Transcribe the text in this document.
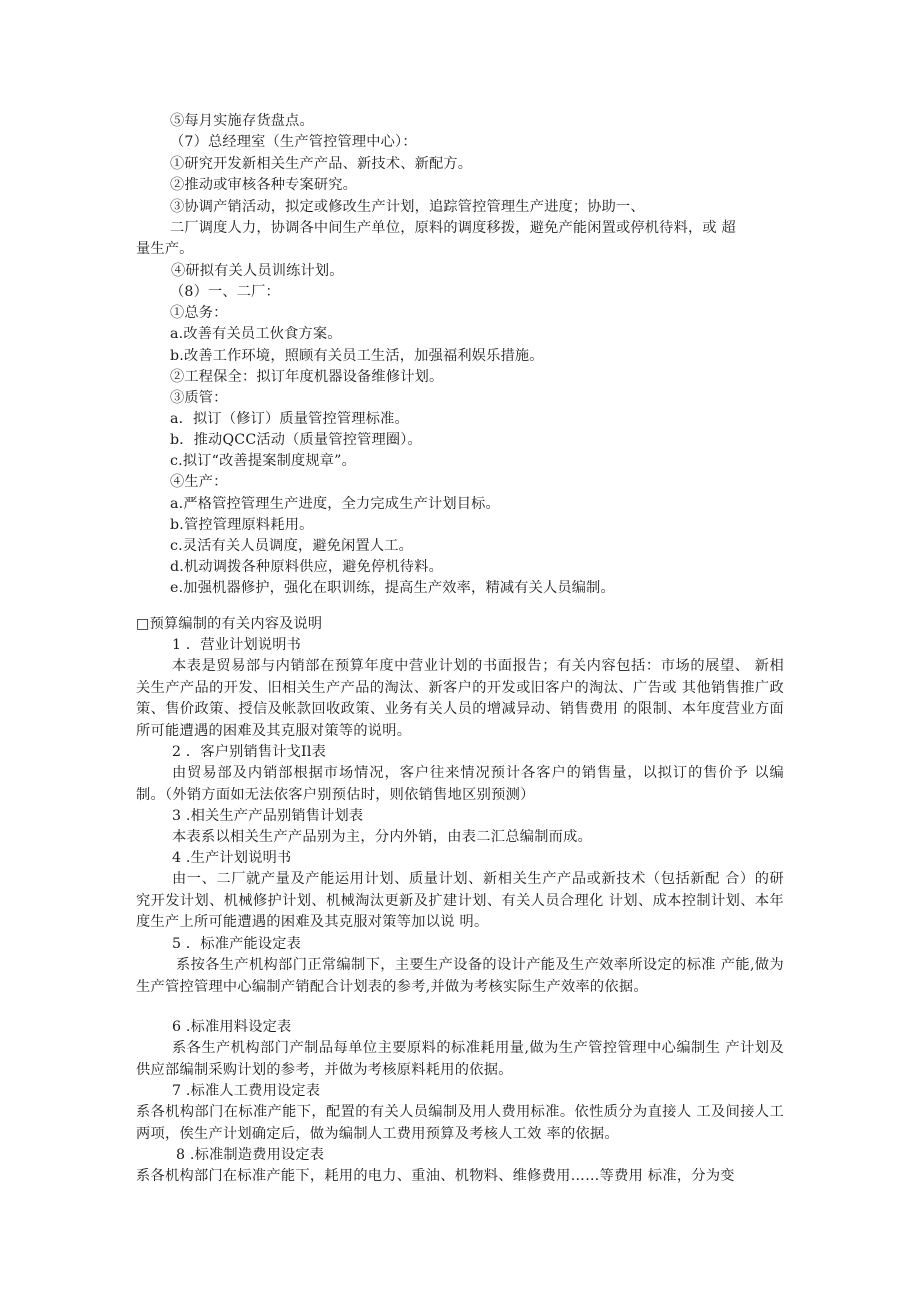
⑤每月实施存货盘点。
（7）总经理室（生产管控管理中心）：
①研究开发新相关生产产品、新技术、新配方。
②推动或审核各种专案研究。
③协调产销活动，拟定或修改生产计划，追踪管控管理生产进度；协助一、
二厂调度人力，协调各中间生产单位，原料的调度移拨，避免产能闲置或停机待料，或 超
量生产。
④研拟有关人员训练计划。
（8）一、二厂：
①总务：
a.改善有关员工伙食方案。
b.改善工作环境，照顾有关员工生活，加强福利娱乐措施。
②工程保全：拟订年度机器设备维修计划。
③质管：
a．拟订（修订）质量管控管理标准。
b．推动QCC活动（质量管控管理圈）。
c.拟订“改善提案制度规章”。
④生产：
a.严格管控管理生产进度，全力完成生产计划目标。
b.管控管理原料耗用。
c.灵活有关人员调度，避免闲置人工。
d.机动调拨各种原料供应，避免停机待料。
e.加强机器修护，强化在职训练，提高生产效率，精减有关人员编制。
□预算编制的有关内容及说明
1 ．营业计划说明书
本表是贸易部与内销部在预算年度中营业计划的书面报告；有关内容包括：市场的展望、 新相关生产产品的开发、旧相关生产产品的淘汰、新客户的开发或旧客户的淘汰、广告或 其他销售推广政策、售价政策、授信及帐款回收政策、业务有关人员的增减异动、销售费用 的限制、本年度营业方面所可能遭遇的困难及其克服对策等的说明。
2 ．客户别销售计戈Il表
由贸易部及内销部根据市场情况，客户往来情况预计各客户的销售量，以拟订的售价予 以编制。（外销方面如无法依客户别预估时，则依销售地区别预测）
3 .相关生产产品别销售计划表
本表系以相关生产产品别为主，分内外销，由表二汇总编制而成。
4 .生产计划说明书
由一、二厂就产量及产能运用计划、质量计划、新相关生产产品或新技术（包括新配 合）的研究开发计划、机械修护计划、机械淘汰更新及扩建计划、有关人员合理化 计划、成本控制计划、本年度生产上所可能遭遇的困难及其克服对策等加以说 明。
5 ．标准产能设定表
系按各生产机构部门正常编制下，主要生产设备的设计产能及生产效率所设定的标准 产能,做为生产管控管理中心编制产销配合计划表的参考,并做为考核实际生产效率的依据。
6 .标准用料设定表
系各生产机构部门产制品每单位主要原料的标准耗用量,做为生产管控管理中心编制生 产计划及供应部编制采购计划的参考，并做为考核原料耗用的依据。
7 .标准人工费用设定表
系各机构部门在标准产能下，配置的有关人员编制及用人费用标准。依性质分为直接人 工及间接人工两项，俟生产计划确定后，做为编制人工费用预算及考核人工效 率的依据。
8 .标准制造费用设定表
系各机构部门在标准产能下，耗用的电力、重油、机物料、维修费用……等费用 标准，分为变
